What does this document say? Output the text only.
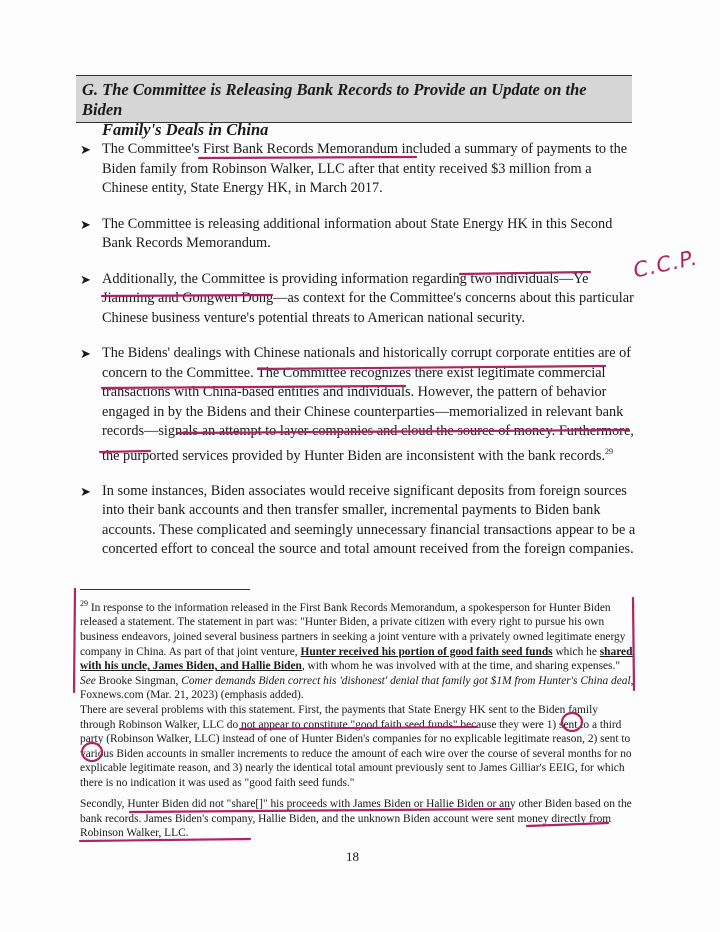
G. The Committee is Releasing Bank Records to Provide an Update on the Biden
Family's Deals in China
➤ The Committee's First Bank Records Memorandum included a summary of payments to the Biden family from Robinson Walker, LLC after that entity received $3 million from a Chinese entity, State Energy HK, in March 2017.
➤ The Committee is releasing additional information about State Energy HK in this Second Bank Records Memorandum.
➤ Additionally, the Committee is providing information regarding two individuals—Ye Jianming and Gongwen Dong—as context for the Committee's concerns about this particular Chinese business venture's potential threats to American national security.
➤ The Bidens' dealings with Chinese nationals and historically corrupt corporate entities are of concern to the Committee. The Committee recognizes there exist legitimate commercial transactions with China-based entities and individuals. However, the pattern of behavior engaged in by the Bidens and their Chinese counterparties—memorialized in relevant bank records—signals an attempt to layer companies and cloud the source of money. Furthermore, the purported services provided by Hunter Biden are inconsistent with the bank records.$^{29}$
➤ In some instances, Biden associates would receive significant deposits from foreign sources into their bank accounts and then transfer smaller, incremental payments to Biden bank accounts. These complicated and seemingly unnecessary financial transactions appear to be a concerted effort to conceal the source and total amount received from the foreign companies.
$^{29}$ In response to the information released in the First Bank Records Memorandum, a spokesperson for Hunter Biden released a statement. The statement in part was: "Hunter Biden, a private citizen with every right to pursue his own business endeavors, joined several business partners in seeking a joint venture with a privately owned legitimate energy company in China. As part of that joint venture, Hunter received his portion of good faith seed funds which he shared with his uncle, James Biden, and Hallie Biden, with whom he was involved with at the time, and sharing expenses." See Brooke Singman, Comer demands Biden correct his 'dishonest' denial that family got $1M from Hunter's China deal, Foxnews.com (Mar. 21, 2023) (emphasis added).
There are several problems with this statement. First, the payments that State Energy HK sent to the Biden family through Robinson Walker, LLC do not appear to constitute "good faith seed funds" because they were 1) sent to a third party (Robinson Walker, LLC) instead of one of Hunter Biden's companies for no explicable legitimate reason, 2) sent to various Biden accounts in smaller increments to reduce the amount of each wire over the course of several months for no explicable legitimate reason, and 3) nearly the identical total amount previously sent to James Gilliar's EEIG, for which there is no indication it was used as "good faith seed funds."
Secondly, Hunter Biden did not "share[]" his proceeds with James Biden or Hallie Biden or any other Biden based on the bank records. James Biden's company, Hallie Biden, and the unknown Biden account were sent money directly from Robinson Walker, LLC.
18
C.C.P.
